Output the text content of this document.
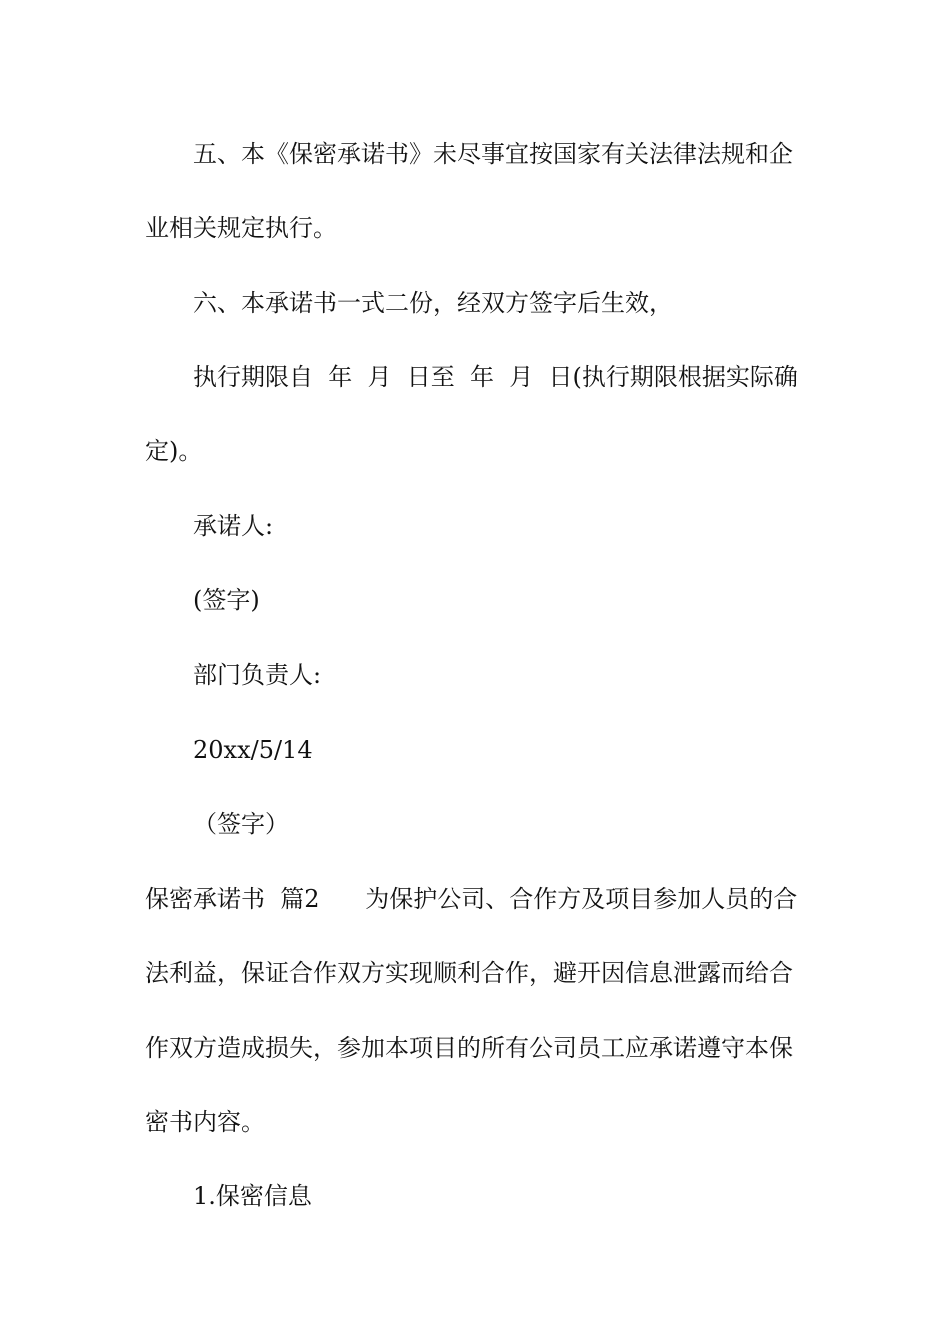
五、本《保密承诺书》未尽事宜按国家有关法律法规和企
业相关规定执行。
六、本承诺书一式二份，经双方签字后生效，
执行期限自  年  月  日至  年  月  日(执行期限根据实际确
定)。
承诺人:
(签字)
部门负责人:
20xx/5/14
（签字）
保密承诺书  篇2      为保护公司、合作方及项目参加人员的合
法利益，保证合作双方实现顺利合作，避开因信息泄露而给合
作双方造成损失，参加本项目的所有公司员工应承诺遵守本保
密书内容。
1.保密信息
